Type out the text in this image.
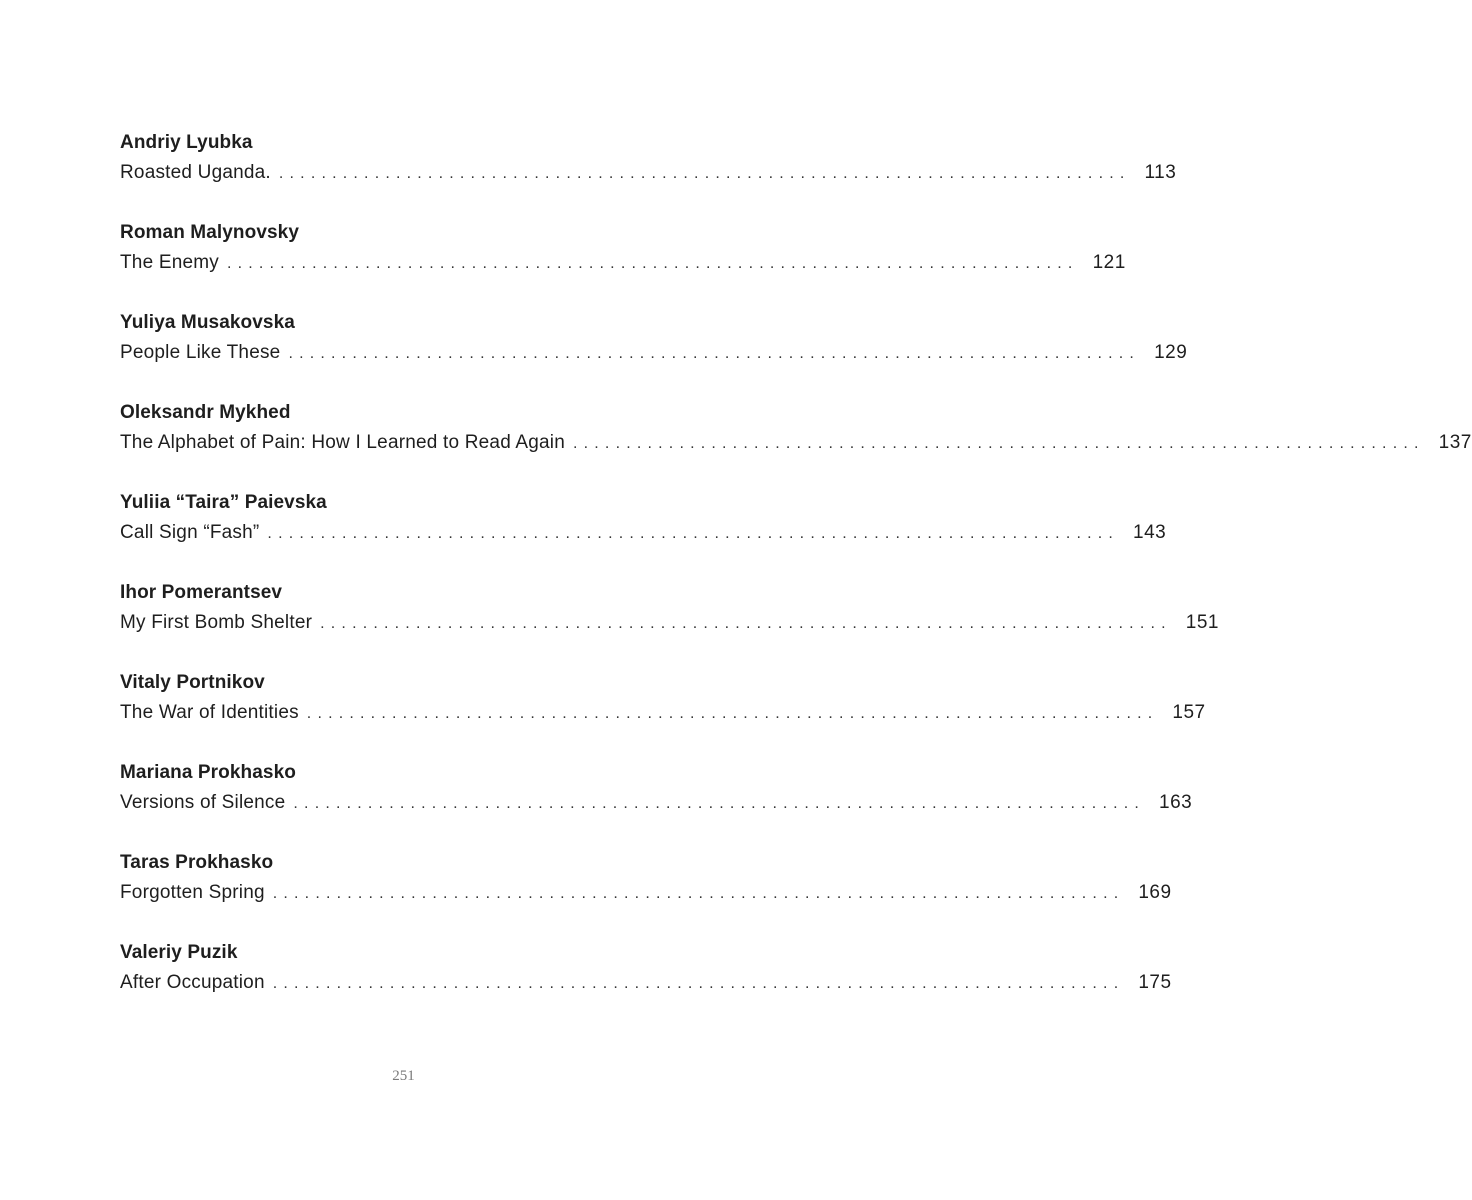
Andriy Lyubka
Roasted Uganda. ................................................................................ 113
Roman Malynovsky
The Enemy ................................................................................ 121
Yuliya Musakovska
People Like These ................................................................................ 129
Oleksandr Mykhed
The Alphabet of Pain: How I Learned to Read Again ................................................................................ 137
Yuliia “Taira” Paievska
Call Sign “Fash” ................................................................................ 143
Ihor Pomerantsev
My First Bomb Shelter ................................................................................ 151
Vitaly Portnikov
The War of Identities ................................................................................ 157
Mariana Prokhasko
Versions of Silence ................................................................................ 163
Taras Prokhasko
Forgotten Spring ................................................................................ 169
Valeriy Puzik
After Occupation ................................................................................ 175
251
